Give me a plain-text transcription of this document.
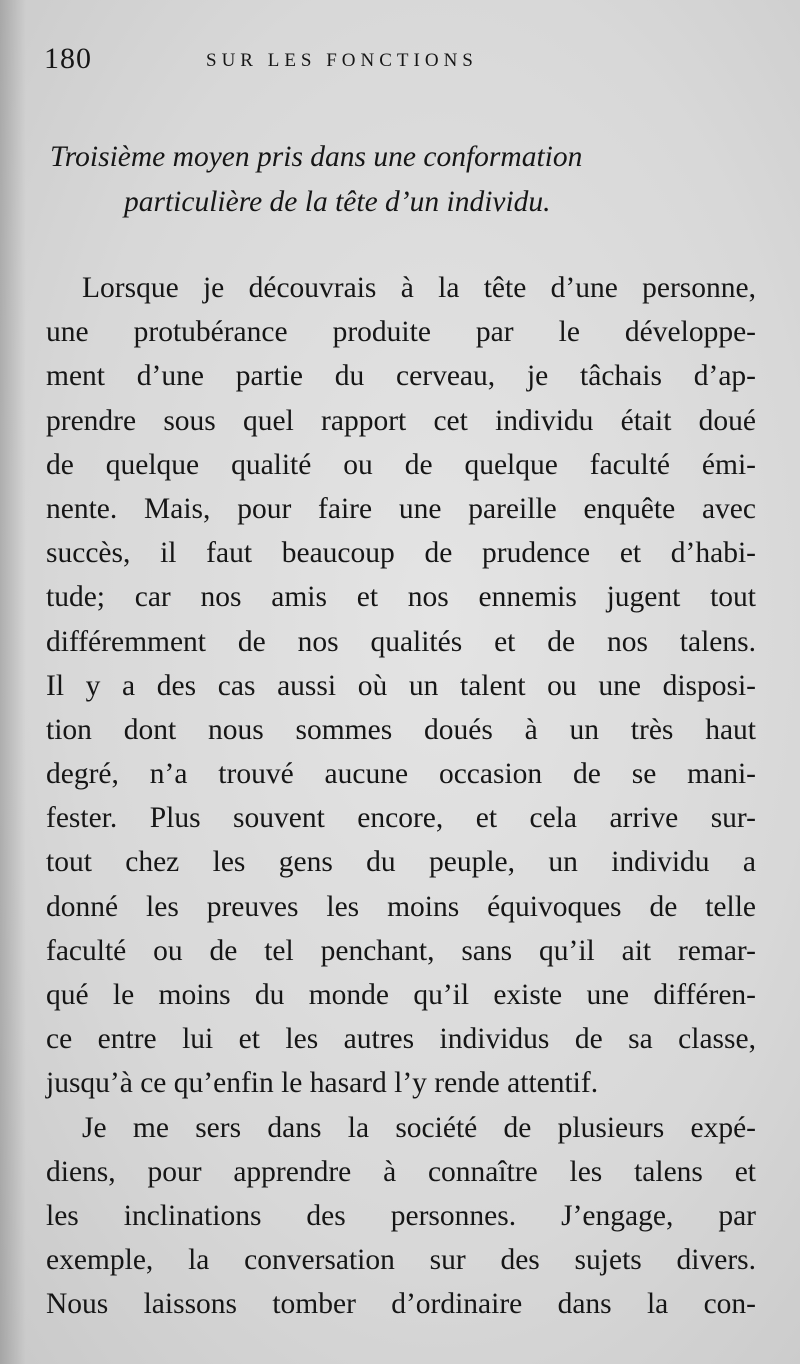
180	SUR LES FONCTIONS
Troisième moyen pris dans une conformation
particulière de la tête d’un individu.
Lorsque je découvrais à la tête d’une personne,
une protubérance produite par le développe-
ment d’une partie du cerveau, je tâchais d’ap-
prendre sous quel rapport cet individu était doué
de quelque qualité ou de quelque faculté émi-
nente. Mais, pour faire une pareille enquête avec
succès, il faut beaucoup de prudence et d’habi-
tude; car nos amis et nos ennemis jugent tout
différemment de nos qualités et de nos talens.
Il y a des cas aussi où un talent ou une disposi-
tion dont nous sommes doués à un très haut
degré, n’a trouvé aucune occasion de se mani-
fester. Plus souvent encore, et cela arrive sur-
tout chez les gens du peuple, un individu a
donné les preuves les moins équivoques de telle
faculté ou de tel penchant, sans qu’il ait remar-
qué le moins du monde qu’il existe une différen-
ce entre lui et les autres individus de sa classe,
jusqu’à ce qu’enfin le hasard l’y rende attentif.
Je me sers dans la société de plusieurs expé-
diens, pour apprendre à connaître les talens et
les inclinations des personnes. J’engage, par
exemple, la conversation sur des sujets divers.
Nous laissons tomber d’ordinaire dans la con-
